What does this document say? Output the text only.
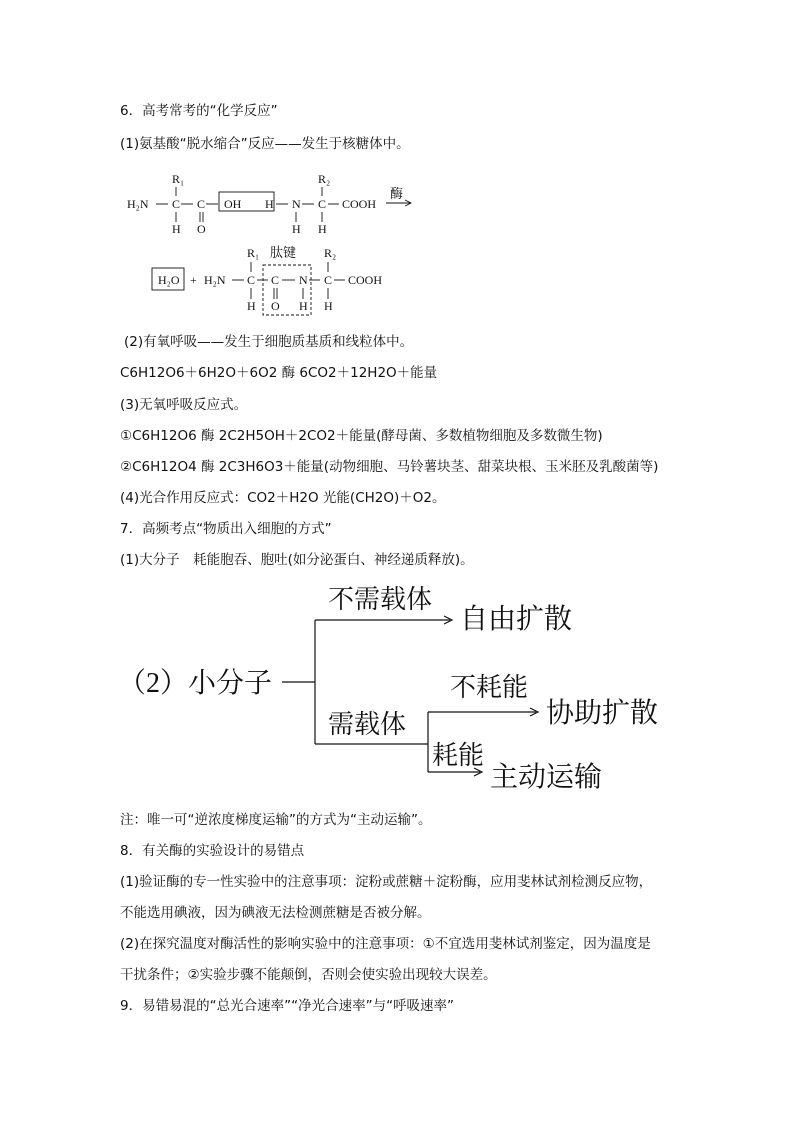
6．高考常考的“化学反应”
(1)氨基酸“脱水缩合”反应——发生于核糖体中。
R₁	R₂
H₂N C C OH H N C COOH
H O	H H
酶
肽键
R₁	R₂
H₂O + H₂N C C N C COOH
H O H H
(2)有氧呼吸——发生于细胞质基质和线粒体中。
C6H12O6＋6H2O＋6O2 酶 6CO2＋12H2O＋能量
(3)无氧呼吸反应式。
①C6H12O6 酶 2C2H5OH＋2CO2＋能量(酵母菌、多数植物细胞及多数微生物)
②C6H12O4 酶 2C3H6O3＋能量(动物细胞、马铃薯块茎、甜菜块根、玉米胚及乳酸菌等)
(4)光合作用反应式：CO2＋H2O 光能(CH2O)＋O2。
7．高频考点“物质出入细胞的方式”
(1)大分子　耗能胞吞、胞吐(如分泌蛋白、神经递质释放)。
（2）小分子
不需载体
自由扩散
需载体
不耗能
协助扩散
耗能
主动运输
注：唯一可“逆浓度梯度运输”的方式为“主动运输”。
8．有关酶的实验设计的易错点
(1)验证酶的专一性实验中的注意事项：淀粉或蔗糖＋淀粉酶，应用斐林试剂检测反应物，
不能选用碘液，因为碘液无法检测蔗糖是否被分解。
(2)在探究温度对酶活性的影响实验中的注意事项：①不宜选用斐林试剂鉴定，因为温度是
干扰条件；②实验步骤不能颠倒，否则会使实验出现较大误差。
9．易错易混的“总光合速率”“净光合速率”与“呼吸速率”
